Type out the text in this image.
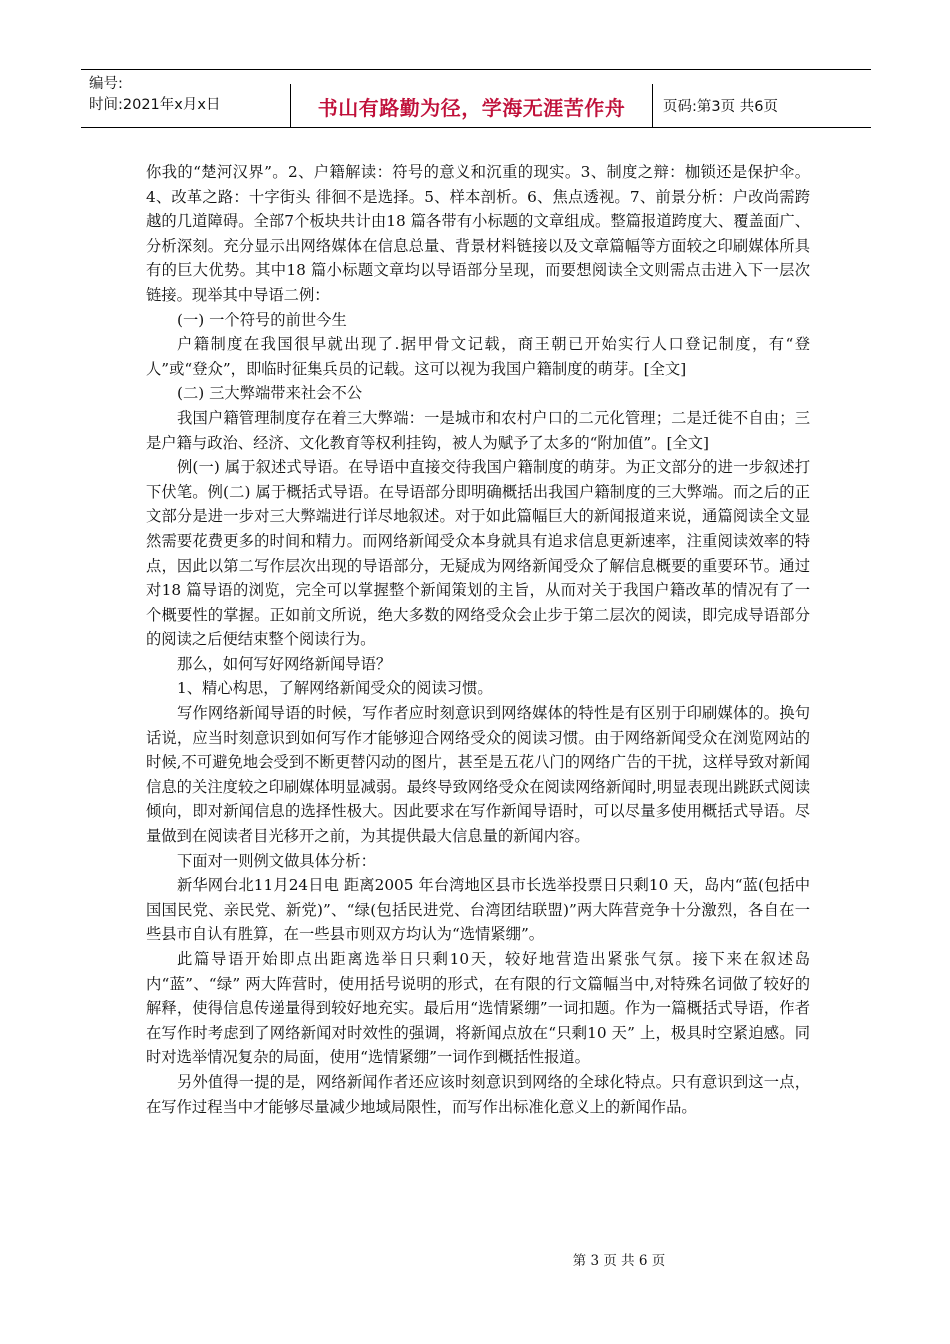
编号:
时间:2021年x月x日	书山有路勤为径，学海无涯苦作舟	页码:第3页 共6页

你我的“楚河汉界”。2、户籍解读：符号的意义和沉重的现实。3、制度之辩：枷锁还是保护伞。4、改革之路：十字街头 徘徊不是选择。5、样本剖析。6、焦点透视。7、前景分析：户改尚需跨越的几道障碍。全部7个板块共计由18 篇各带有小标题的文章组成。整篇报道跨度大、覆盖面广、分析深刻。充分显示出网络媒体在信息总量、背景材料链接以及文章篇幅等方面较之印刷媒体所具有的巨大优势。其中18 篇小标题文章均以导语部分呈现，而要想阅读全文则需点击进入下一层次链接。现举其中导语二例：

(一) 一个符号的前世今生

户籍制度在我国很早就出现了.据甲骨文记载，商王朝已开始实行人口登记制度，有“登人”或“登众”，即临时征集兵员的记载。这可以视为我国户籍制度的萌芽。[全文]

(二) 三大弊端带来社会不公

我国户籍管理制度存在着三大弊端：一是城市和农村户口的二元化管理；二是迁徙不自由；三是户籍与政治、经济、文化教育等权利挂钩，被人为赋予了太多的“附加值”。[全文]

例(一) 属于叙述式导语。在导语中直接交待我国户籍制度的萌芽。为正文部分的进一步叙述打下伏笔。例(二) 属于概括式导语。在导语部分即明确概括出我国户籍制度的三大弊端。而之后的正文部分是进一步对三大弊端进行详尽地叙述。对于如此篇幅巨大的新闻报道来说，通篇阅读全文显然需要花费更多的时间和精力。而网络新闻受众本身就具有追求信息更新速率，注重阅读效率的特点，因此以第二写作层次出现的导语部分，无疑成为网络新闻受众了解信息概要的重要环节。通过对18 篇导语的浏览，完全可以掌握整个新闻策划的主旨，从而对关于我国户籍改革的情况有了一个概要性的掌握。正如前文所说，绝大多数的网络受众会止步于第二层次的阅读，即完成导语部分的阅读之后便结束整个阅读行为。

那么，如何写好网络新闻导语？

1、精心构思，了解网络新闻受众的阅读习惯。

写作网络新闻导语的时候，写作者应时刻意识到网络媒体的特性是有区别于印刷媒体的。换句话说，应当时刻意识到如何写作才能够迎合网络受众的阅读习惯。由于网络新闻受众在浏览网站的时候,不可避免地会受到不断更替闪动的图片，甚至是五花八门的网络广告的干扰，这样导致对新闻信息的关注度较之印刷媒体明显减弱。最终导致网络受众在阅读网络新闻时,明显表现出跳跃式阅读倾向，即对新闻信息的选择性极大。因此要求在写作新闻导语时，可以尽量多使用概括式导语。尽量做到在阅读者目光移开之前，为其提供最大信息量的新闻内容。

下面对一则例文做具体分析：

新华网台北11月24日电 距离2005 年台湾地区县市长选举投票日只剩10 天，岛内“蓝(包括中国国民党、亲民党、新党)”、“绿(包括民进党、台湾团结联盟)”两大阵营竞争十分激烈，各自在一些县市自认有胜算，在一些县市则双方均认为“选情紧绷”。

此篇导语开始即点出距离选举日只剩10天，较好地营造出紧张气氛。接下来在叙述岛内“蓝”、“绿” 两大阵营时，使用括号说明的形式，在有限的行文篇幅当中,对特殊名词做了较好的解释，使得信息传递量得到较好地充实。最后用“选情紧绷”一词扣题。作为一篇概括式导语，作者在写作时考虑到了网络新闻对时效性的强调，将新闻点放在“只剩10 天” 上，极具时空紧迫感。同时对选举情况复杂的局面，使用“选情紧绷”一词作到概括性报道。

另外值得一提的是，网络新闻作者还应该时刻意识到网络的全球化特点。只有意识到这一点，在写作过程当中才能够尽量减少地域局限性，而写作出标准化意义上的新闻作品。

第 3 页 共 6 页
